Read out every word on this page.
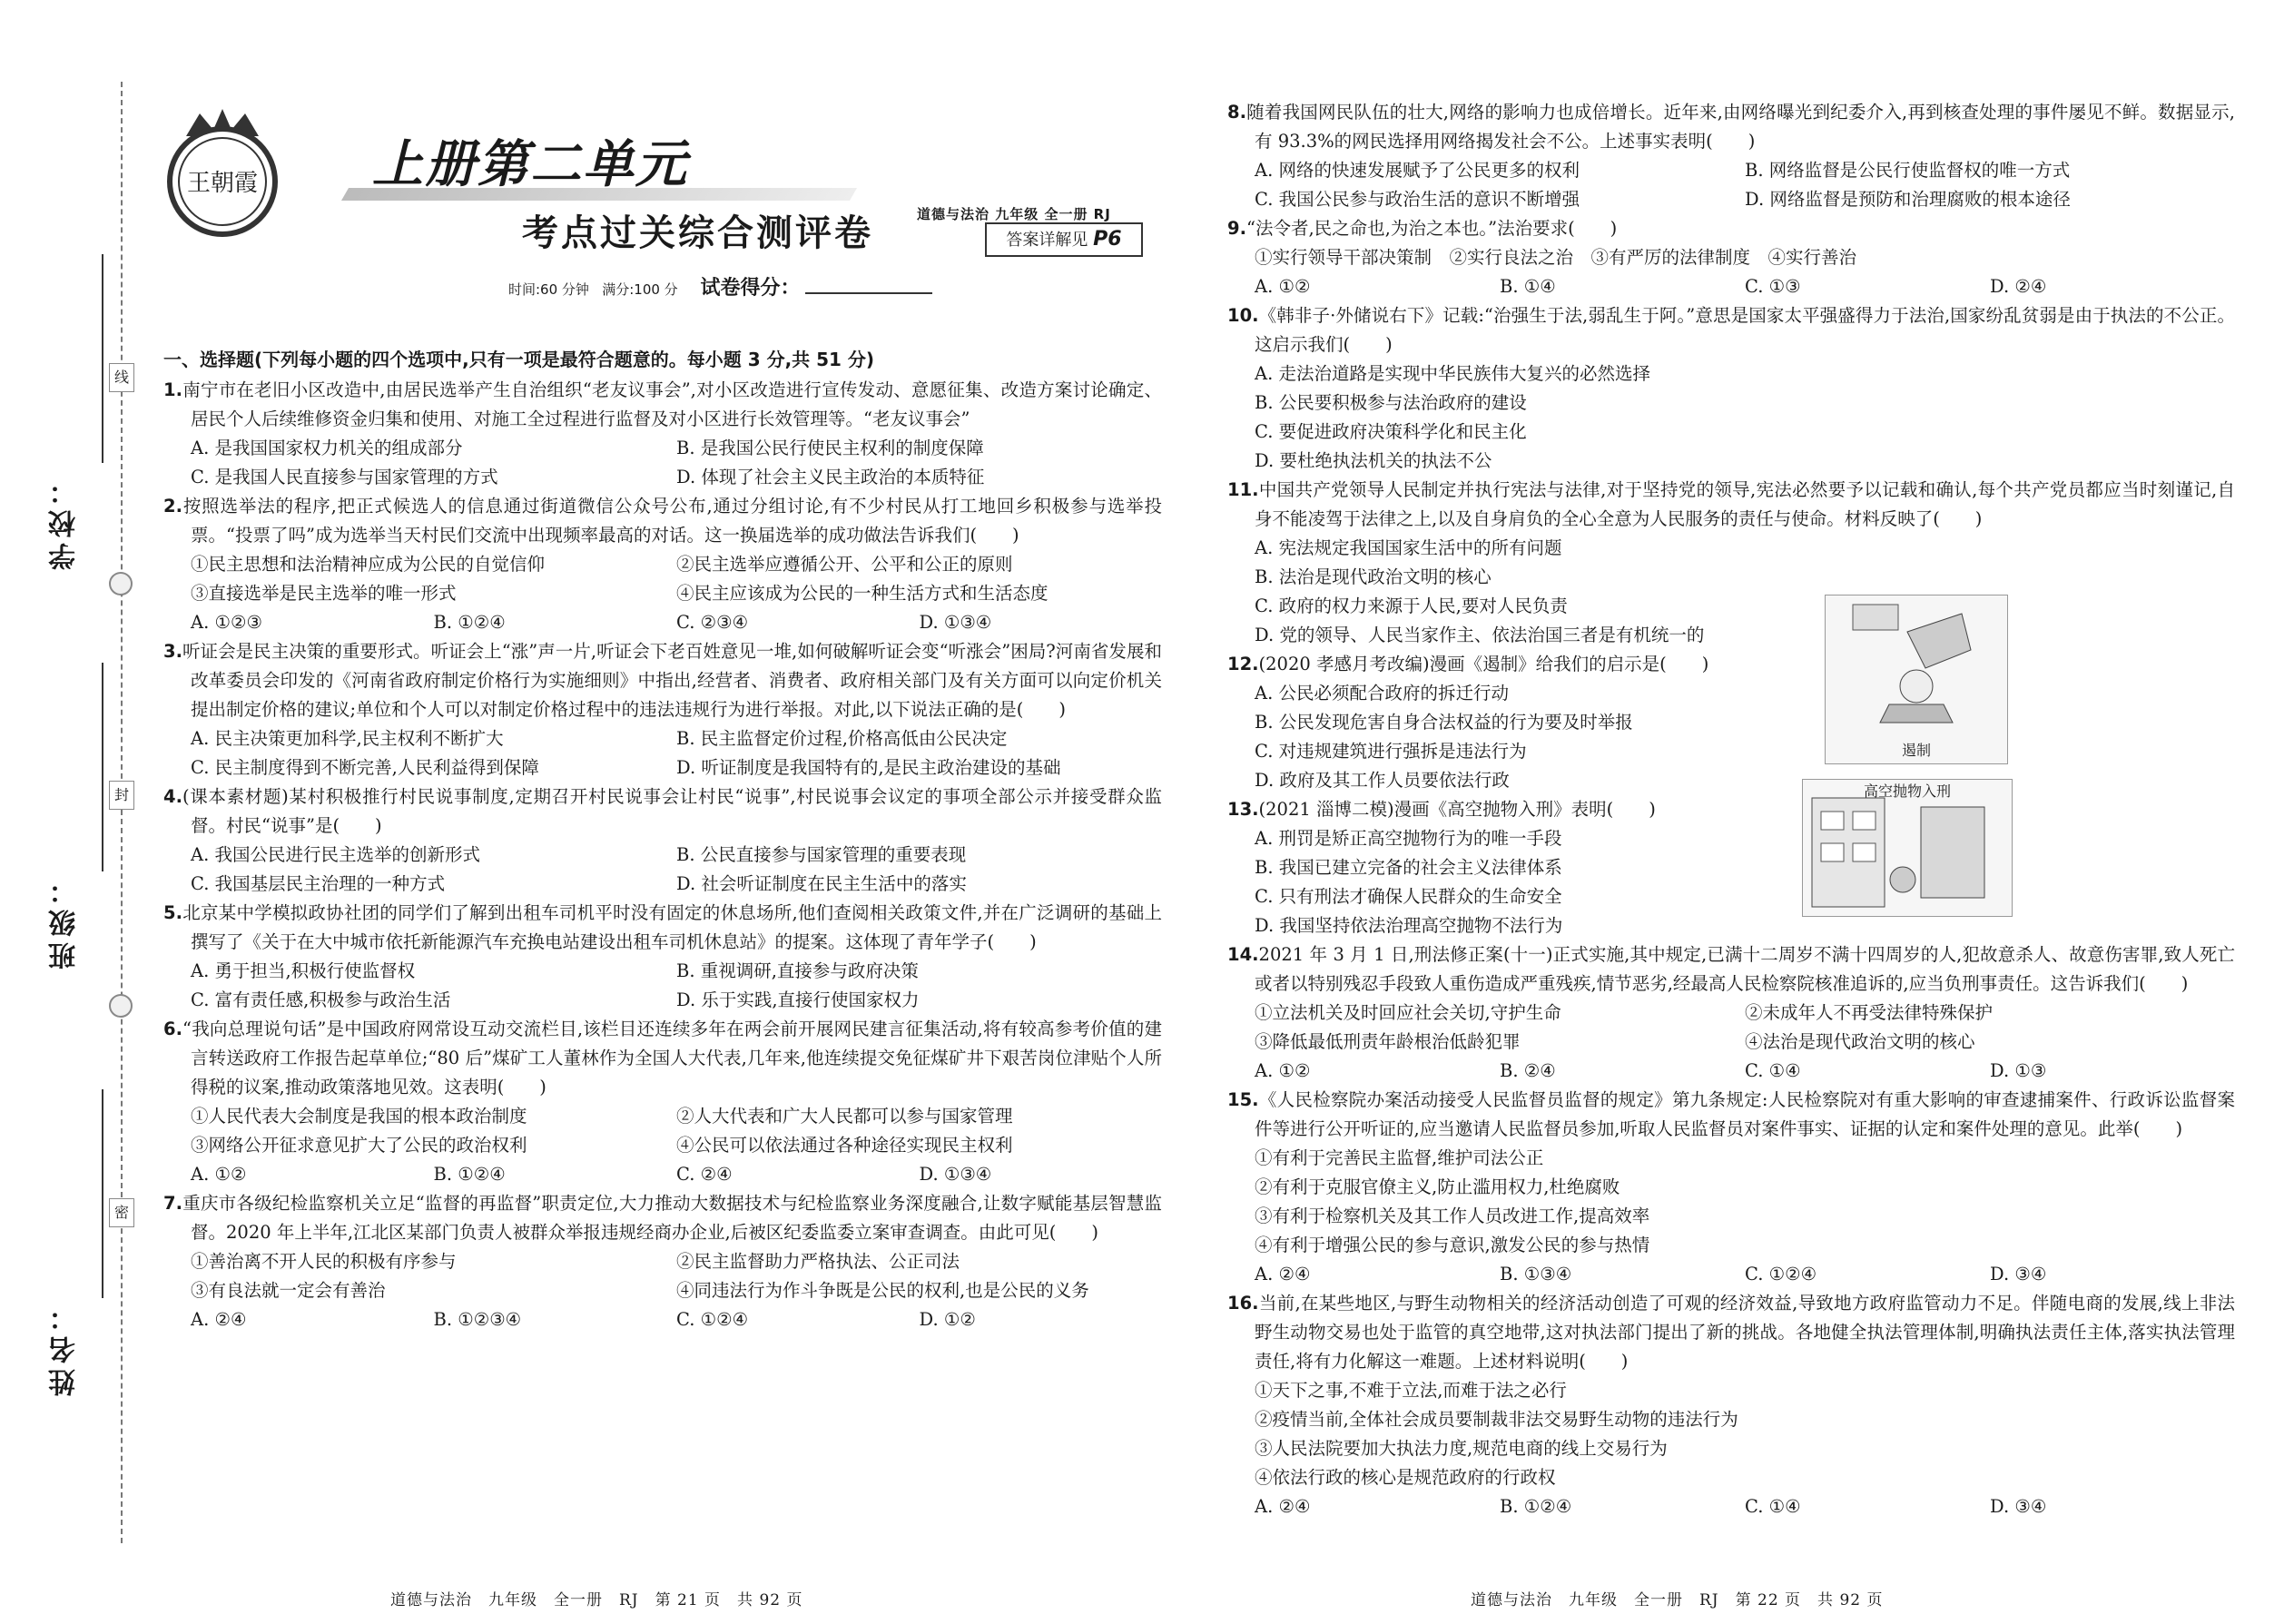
学校：
班级：
姓名：
线
封
密
王朝霞 上册第二单元
考点过关综合测评卷	道德与法治 九年级 全一册 RJ
答案详解见 P6
时间:60 分钟 满分:100 分 试卷得分：
一、选择题(下列每小题的四个选项中,只有一项是最符合题意的。每小题 3 分,共 51 分)
1.南宁市在老旧小区改造中,由居民选举产生自治组织“老友议事会”,对小区改造进行宣传发动、意愿征集、改造方案讨论确定、居民个人后续维修资金归集和使用、对施工全过程进行监督及对小区进行长效管理等。“老友议事会”
A. 是我国国家权力机关的组成部分	B. 是我国公民行使民主权利的制度保障
C. 是我国人民直接参与国家管理的方式	D. 体现了社会主义民主政治的本质特征
2.按照选举法的程序,把正式候选人的信息通过街道微信公众号公布,通过分组讨论,有不少村民从打工地回乡积极参与选举投票。“投票了吗”成为选举当天村民们交流中出现频率最高的对话。这一换届选举的成功做法告诉我们(　　)
①民主思想和法治精神应成为公民的自觉信仰	②民主选举应遵循公开、公平和公正的原则
③直接选举是民主选举的唯一形式	④民主应该成为公民的一种生活方式和生活态度
A. ①②③	B. ①②④	C. ②③④	D. ①③④
3.听证会是民主决策的重要形式。听证会上“涨”声一片,听证会下老百姓意见一堆,如何破解听证会变“听涨会”困局?河南省发展和改革委员会印发的《河南省政府制定价格行为实施细则》中指出,经营者、消费者、政府相关部门及有关方面可以向定价机关提出制定价格的建议;单位和个人可以对制定价格过程中的违法违规行为进行举报。对此,以下说法正确的是(　　)
A. 民主决策更加科学,民主权利不断扩大	B. 民主监督定价过程,价格高低由公民决定
C. 民主制度得到不断完善,人民利益得到保障	D. 听证制度是我国特有的,是民主政治建设的基础
4.(课本素材题)某村积极推行村民说事制度,定期召开村民说事会让村民“说事”,村民说事会议定的事项全部公示并接受群众监督。村民“说事”是(　　)
A. 我国公民进行民主选举的创新形式	B. 公民直接参与国家管理的重要表现
C. 我国基层民主治理的一种方式	D. 社会听证制度在民主生活中的落实
5.北京某中学模拟政协社团的同学们了解到出租车司机平时没有固定的休息场所,他们查阅相关政策文件,并在广泛调研的基础上撰写了《关于在大中城市依托新能源汽车充换电站建设出租车司机休息站》的提案。这体现了青年学子(　　)
A. 勇于担当,积极行使监督权	B. 重视调研,直接参与政府决策
C. 富有责任感,积极参与政治生活	D. 乐于实践,直接行使国家权力
6.“我向总理说句话”是中国政府网常设互动交流栏目,该栏目还连续多年在两会前开展网民建言征集活动,将有较高参考价值的建言转送政府工作报告起草单位;“80 后”煤矿工人董林作为全国人大代表,几年来,他连续提交免征煤矿井下艰苦岗位津贴个人所得税的议案,推动政策落地见效。这表明(　　)
①人民代表大会制度是我国的根本政治制度	②人大代表和广大人民都可以参与国家管理
③网络公开征求意见扩大了公民的政治权利	④公民可以依法通过各种途径实现民主权利
A. ①②	B. ①②④	C. ②④	D. ①③④
7.重庆市各级纪检监察机关立足“监督的再监督”职责定位,大力推动大数据技术与纪检监察业务深度融合,让数字赋能基层智慧监督。2020 年上半年,江北区某部门负责人被群众举报违规经商办企业,后被区纪委监委立案审查调查。由此可见(　　)
①善治离不开人民的积极有序参与	②民主监督助力严格执法、公正司法
③有良法就一定会有善治	④同违法行为作斗争既是公民的权利,也是公民的义务
A. ②④	B. ①②③④	C. ①②④	D. ①②
8.随着我国网民队伍的壮大,网络的影响力也成倍增长。近年来,由网络曝光到纪委介入,再到核查处理的事件屡见不鲜。数据显示,有 93.3%的网民选择用网络揭发社会不公。上述事实表明(　　)
A. 网络的快速发展赋予了公民更多的权利	B. 网络监督是公民行使监督权的唯一方式
C. 我国公民参与政治生活的意识不断增强	D. 网络监督是预防和治理腐败的根本途径
9.“法令者,民之命也,为治之本也。”法治要求(　　)
①实行领导干部决策制　②实行良法之治　③有严厉的法律制度　④实行善治
A. ①②	B. ①④	C. ①③	D. ②④
10.《韩非子·外储说右下》记载:“治强生于法,弱乱生于阿。”意思是国家太平强盛得力于法治,国家纷乱贫弱是由于执法的不公正。这启示我们(　　)
A. 走法治道路是实现中华民族伟大复兴的必然选择
B. 公民要积极参与法治政府的建设
C. 要促进政府决策科学化和民主化
D. 要杜绝执法机关的执法不公
11.中国共产党领导人民制定并执行宪法与法律,对于坚持党的领导,宪法必然要予以记载和确认,每个共产党员都应当时刻谨记,自身不能凌驾于法律之上,以及自身肩负的全心全意为人民服务的责任与使命。材料反映了(　　)
A. 宪法规定我国国家生活中的所有问题
B. 法治是现代政治文明的核心
C. 政府的权力来源于人民,要对人民负责
D. 党的领导、人民当家作主、依法治国三者是有机统一的
12.(2020 孝感月考改编)漫画《遏制》给我们的启示是(　　)
A. 公民必须配合政府的拆迁行动
B. 公民发现危害自身合法权益的行为要及时举报
C. 对违规建筑进行强拆是违法行为
D. 政府及其工作人员要依法行政
13.(2021 淄博二模)漫画《高空抛物入刑》表明(　　)
A. 刑罚是矫正高空抛物行为的唯一手段
B. 我国已建立完备的社会主义法律体系
C. 只有刑法才确保人民群众的生命安全
D. 我国坚持依法治理高空抛物不法行为
14.2021 年 3 月 1 日,刑法修正案(十一)正式实施,其中规定,已满十二周岁不满十四周岁的人,犯故意杀人、故意伤害罪,致人死亡或者以特别残忍手段致人重伤造成严重残疾,情节恶劣,经最高人民检察院核准追诉的,应当负刑事责任。这告诉我们(　　)
①立法机关及时回应社会关切,守护生命	②未成年人不再受法律特殊保护
③降低最低刑责年龄根治低龄犯罪	④法治是现代政治文明的核心
A. ①②	B. ②④	C. ①④	D. ①③
15.《人民检察院办案活动接受人民监督员监督的规定》第九条规定:人民检察院对有重大影响的审查逮捕案件、行政诉讼监督案件等进行公开听证的,应当邀请人民监督员参加,听取人民监督员对案件事实、证据的认定和案件处理的意见。此举(　　)
①有利于完善民主监督,维护司法公正
②有利于克服官僚主义,防止滥用权力,杜绝腐败
③有利于检察机关及其工作人员改进工作,提高效率
④有利于增强公民的参与意识,激发公民的参与热情
A. ②④	B. ①③④	C. ①②④	D. ③④
16.当前,在某些地区,与野生动物相关的经济活动创造了可观的经济效益,导致地方政府监管动力不足。伴随电商的发展,线上非法野生动物交易也处于监管的真空地带,这对执法部门提出了新的挑战。各地健全执法管理体制,明确执法责任主体,落实执法管理责任,将有力化解这一难题。上述材料说明(　　)
①天下之事,不难于立法,而难于法之必行
②疫情当前,全体社会成员要制裁非法交易野生动物的违法行为
③人民法院要加大执法力度,规范电商的线上交易行为
④依法行政的核心是规范政府的行政权
A. ②④	B. ①②④	C. ①④	D. ③④
遏制
高空抛物入刑
道德与法治　九年级　全一册　RJ　第 21 页　共 92 页	道德与法治　九年级　全一册　RJ　第 22 页　共 92 页
